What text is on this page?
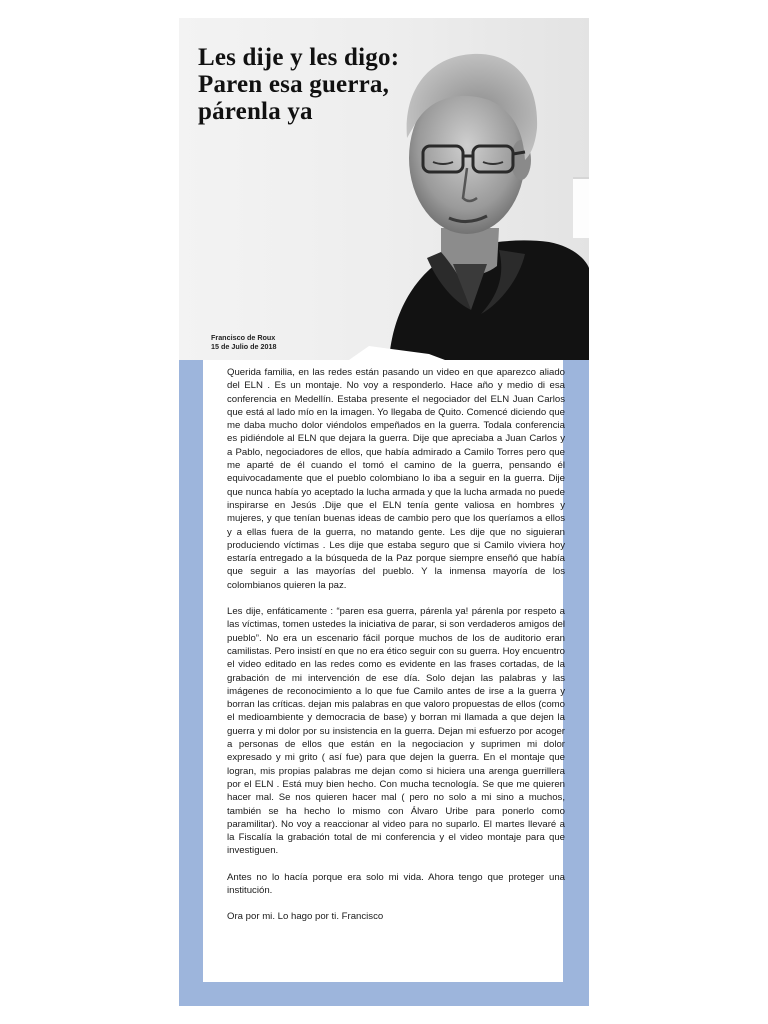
Les dije y les digo:
Paren esa guerra,
párenla ya
Francisco de Roux
15 de Julio de 2018

Querida familia, en las redes están pasando un video en que aparezco aliado del ELN . Es un montaje. No voy a responderlo. Hace año y medio di esa conferencia en Medellín. Estaba presente el negociador del ELN Juan Carlos que está al lado mío en la imagen. Yo llegaba de Quito. Comencé diciendo que me daba mucho dolor viéndolos empeñados en la guerra. Todala conferencia es pidiéndole al ELN que dejara la guerra. Dije que apreciaba a Juan Carlos y a Pablo, negociadores de ellos, que había admirado a Camilo Torres pero que me aparté de él cuando el tomó el camino de la guerra, pensando él equivocadamente que el pueblo colombiano lo iba a seguir en la guerra. Dije que nunca había yo aceptado la lucha armada y que la lucha armada no puede inspirarse en Jesús .Dije que el ELN tenía gente valiosa en hombres y mujeres, y que tenían buenas ideas de cambio pero que los queríamos a ellos y a ellas fuera de la guerra, no matando gente. Les dije que no siguieran produciendo víctimas . Les dije que estaba seguro que si Camilo viviera hoy estaría entregado a la búsqueda de la Paz porque siempre enseñó que había que seguir a las mayorías del pueblo. Y la inmensa mayoría de los colombianos quieren la paz.

Les dije, enfáticamente : “paren esa guerra, párenla ya! párenla por respeto a las víctimas, tomen ustedes la iniciativa de parar, si son verdaderos amigos del pueblo”. No era un escenario fácil porque muchos de los de auditorio eran camilistas. Pero insistí en que no era ético seguir con su guerra. Hoy encuentro el video editado en las redes como es evidente en las frases cortadas, de la grabación de mi intervención de ese día. Solo dejan las palabras y las imágenes de reconocimiento a lo que fue Camilo antes de irse a la guerra y borran las críticas. dejan mis palabras en que valoro propuestas de ellos (como el medioambiente y democracia de base) y borran mi llamada a que dejen la guerra y mi dolor por su insistencia en la guerra. Dejan mi esfuerzo por acoger a personas de ellos que están en la negociacion y suprimen mi dolor expresado y mi grito ( así fue) para que dejen la guerra. En el montaje que logran, mis propias palabras me dejan como si hiciera una arenga guerrillera por el ELN . Está muy bien hecho. Con mucha tecnología. Se que me quieren hacer mal. Se nos quieren hacer mal ( pero no solo a mi sino a muchos, también se ha hecho lo mismo con Álvaro Uribe para ponerlo como paramilitar). No voy a reaccionar al video para no suparlo. El martes llevaré a la Fiscalía la grabación total de mi conferencia y el video montaje para que investiguen.

Antes no lo hacía porque era solo mi vida. Ahora tengo que proteger una institución.

Ora por mi. Lo hago por ti. Francisco
